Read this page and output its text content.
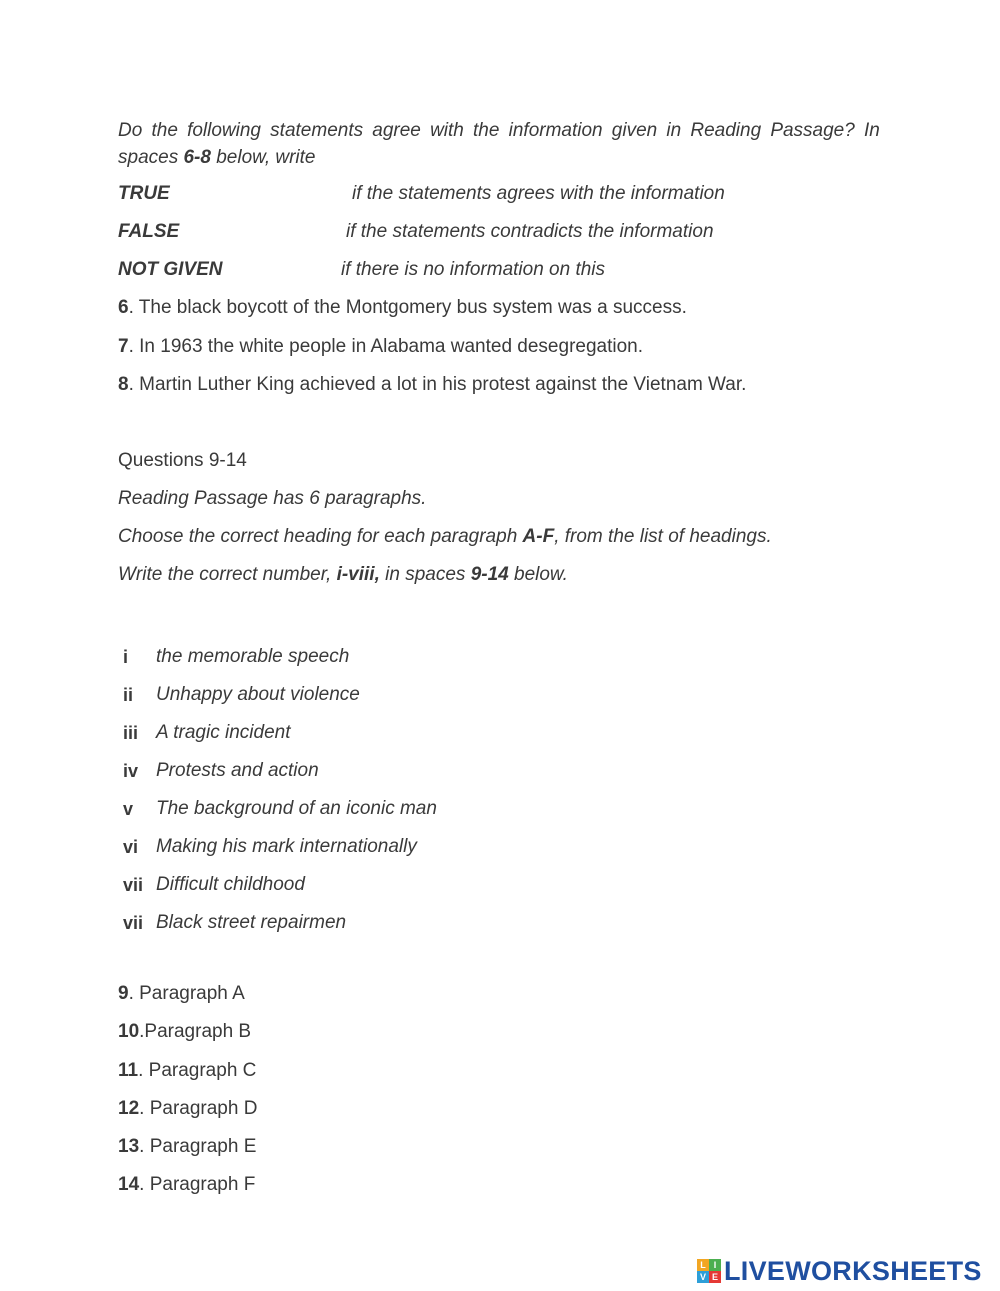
Do the following statements agree with the information given in Reading Passage? In
spaces 6-8 below, write
TRUE	if the statements agrees with the information
FALSE	if the statements contradicts the information
NOT GIVEN	if there is no information on this
6. The black boycott of the Montgomery bus system was a success.
7. In 1963 the white people in Alabama wanted desegregation.
8. Martin Luther King achieved a lot in his protest against the Vietnam War.
Questions 9-14
Reading Passage has 6 paragraphs.
Choose the correct heading for each paragraph A-F, from the list of headings.
Write the correct number, i-viii, in spaces 9-14 below.
i the memorable speech
ii Unhappy about violence
iii A tragic incident
iv Protests and action
v The background of an iconic man
vi Making his mark internationally
vii Difficult childhood
vii Black street repairmen
9. Paragraph A
10.Paragraph B
11. Paragraph C
12. Paragraph D
13. Paragraph E
14. Paragraph F
L I
V E LIVEWORKSHEETS
